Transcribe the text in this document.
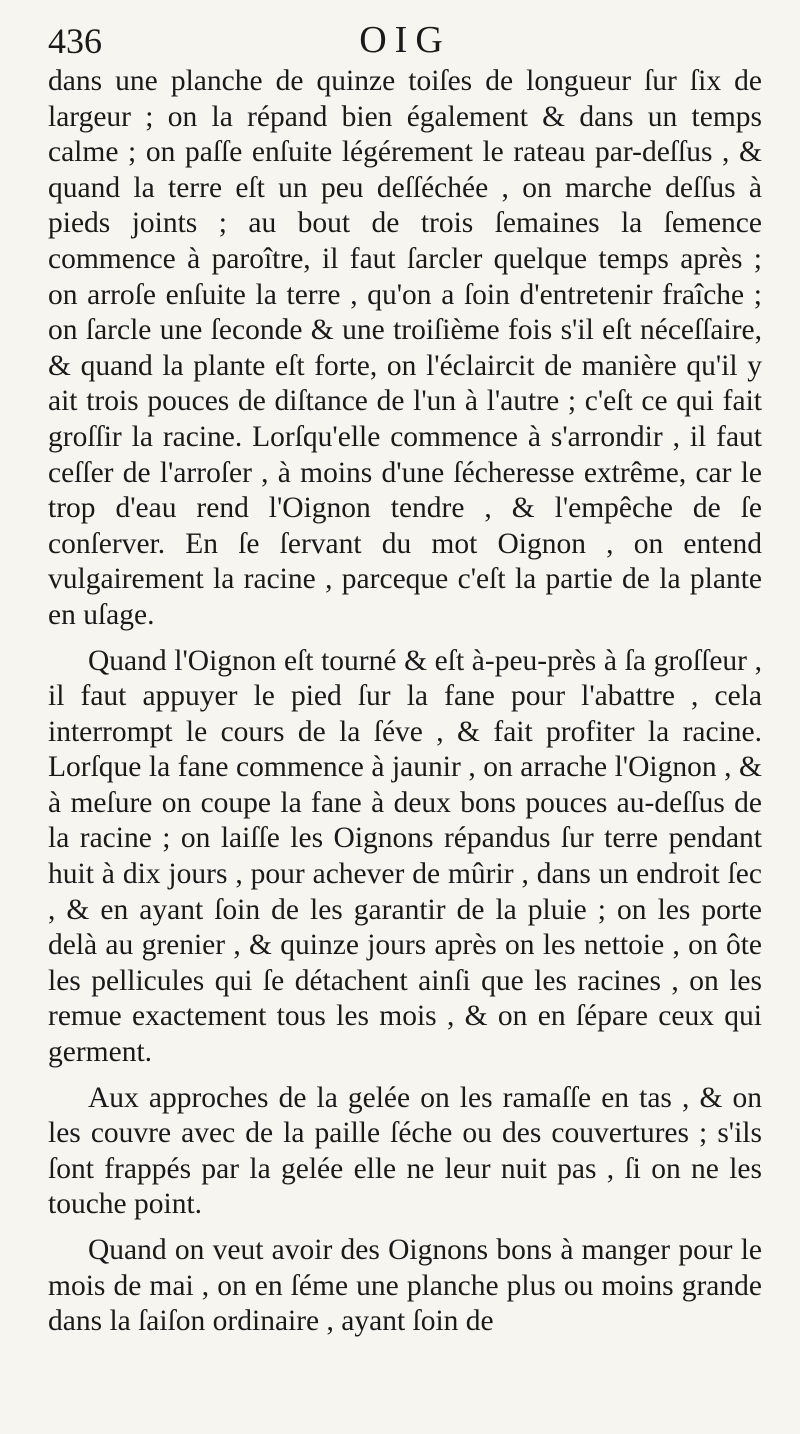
436	OIG

dans une planche de quinze toiſes de longueur ſur ſix de largeur ; on la répand bien également & dans un temps calme ; on paſſe enſuite légérement le rateau par-deſſus , & quand la terre eſt un peu deſſéchée , on marche deſſus à pieds joints ; au bout de trois ſemaines la ſemence commence à paroître, il faut ſarcler quelque temps après ; on arroſe enſuite la terre , qu'on a ſoin d'entretenir fraîche ; on ſarcle une ſeconde & une troiſième fois s'il eſt néceſſaire, & quand la plante eſt forte, on l'éclaircit de manière qu'il y ait trois pouces de diſtance de l'un à l'autre ; c'eſt ce qui fait groſſir la racine. Lorſqu'elle commence à s'arrondir , il faut ceſſer de l'arroſer , à moins d'une ſécheresse extrême, car le trop d'eau rend l'Oignon tendre , & l'empêche de ſe conſerver. En ſe ſervant du mot Oignon , on entend vulgairement la racine , parceque c'eſt la partie de la plante en uſage.

Quand l'Oignon eſt tourné & eſt à-peu-près à ſa groſſeur , il faut appuyer le pied ſur la fane pour l'abattre , cela interrompt le cours de la ſéve , & fait profiter la racine. Lorſque la fane commence à jaunir , on arrache l'Oignon , & à meſure on coupe la fane à deux bons pouces au-deſſus de la racine ; on laiſſe les Oignons répandus ſur terre pendant huit à dix jours , pour achever de mûrir , dans un endroit ſec , & en ayant ſoin de les garantir de la pluie ; on les porte delà au grenier , & quinze jours après on les nettoie , on ôte les pellicules qui ſe détachent ainſi que les racines , on les remue exactement tous les mois , & on en ſépare ceux qui germent.

Aux approches de la gelée on les ramaſſe en tas , & on les couvre avec de la paille ſéche ou des couvertures ; s'ils ſont frappés par la gelée elle ne leur nuit pas , ſi on ne les touche point.

Quand on veut avoir des Oignons bons à manger pour le mois de mai , on en ſéme une planche plus ou moins grande dans la ſaiſon ordinaire , ayant ſoin de
